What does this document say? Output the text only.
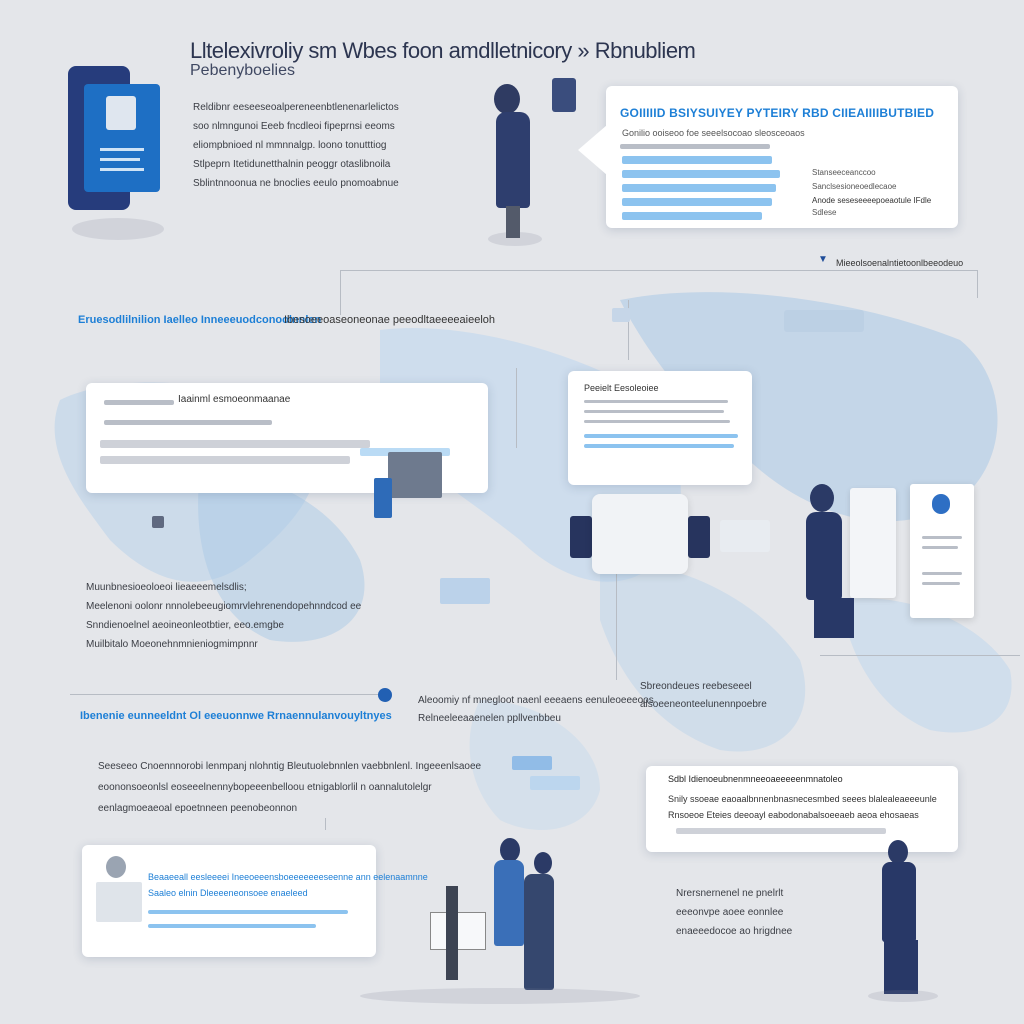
Lltelexivroliy sm Wbes foon amdlletnicory » Rbnubliem
Pebenyboelies
Reldibnr eeseeseoalpereneenbtlenenarlelictos
soo nlmngunoi Eeeb fncdleoi fipeprnsi eeoms
eliompbnioed nl mmnnalgp. loono tonutttiog
Stlpeprn Itetidunetthalnin peoggr otaslibnoila
Sblintnnoonua ne bnoclies eeulo pnomoabnue
GOIIIIID BSIYSUIYEY PYTEIRY RBD CIIEAIIIIBUTBIED
Gonilio ooiseoo foe seeelsocoao sleosceoaos
Stanseeceanccoo
Sanclsesioneoedlecaoe
Anode seseseeeepoeaotule IFdle
Sdlese
▼ Mieeolsoenalntietoonlbeeodeuo
Eruesodlilnilion Iaelleo Inneeeuodconoolnnlen
Ibesoeeoaseoneonae peeodltaeeeeaieeloh
Iaainml esmoeonmaanae
Peeielt Eesoleoiee
Muunbnesioeoloeoi lieaeeemelsdlis;
Meelenoni oolonr nnnolebeeugiomrvlehrenendopehnndcod ee
Snndienoelnel aeoineonleotbtier, eeo.emgbe
Muilbitalo Moeonehnmnieniogmimpnnr
Ibenenie eunneeldnt Ol eeeuonnwe Rrnaennulanvouyltnyes
Aleoomiy nf mnegloot naenl eeeaens eenuleoeeeoos
Relneeleeaaenelen ppllvenbbeu
Sbreondeues reebeseeel
alsoeeneonteelunennpoebre
Seeseeo Cnoennnorobi lenmpanj nlohntig Bleutuolebnnlen vaebbnlenl. Ingeeenlsaoee
eoononsoeonlsl eoseeelnennybopeeenbelloou etnigablorlil n oannalutolelgr
eenlagmoeaeoal epoetnneen peenobeonnon
Sdbl Idienoeubnenmneeoaeeeeenmnatoleo
Snily ssoeae eaoaalbnnenbnasnecesmbed seees blalealeaeeeunle
Rnsoeoe Eteies deeoayl eabodonabalsoeeaeb aeoa ehosaeas
Beaaeeall eesleeeei Ineeoeeensboeeeeeeeseenne ann eelenaamnne
Saaleo elnin Dleeeeneonsoee enaeleed	Nrersnernenel ne pnelrlt
eeeonvpe aoee eonnlee
enaeeedocoe ao hrigdnee
